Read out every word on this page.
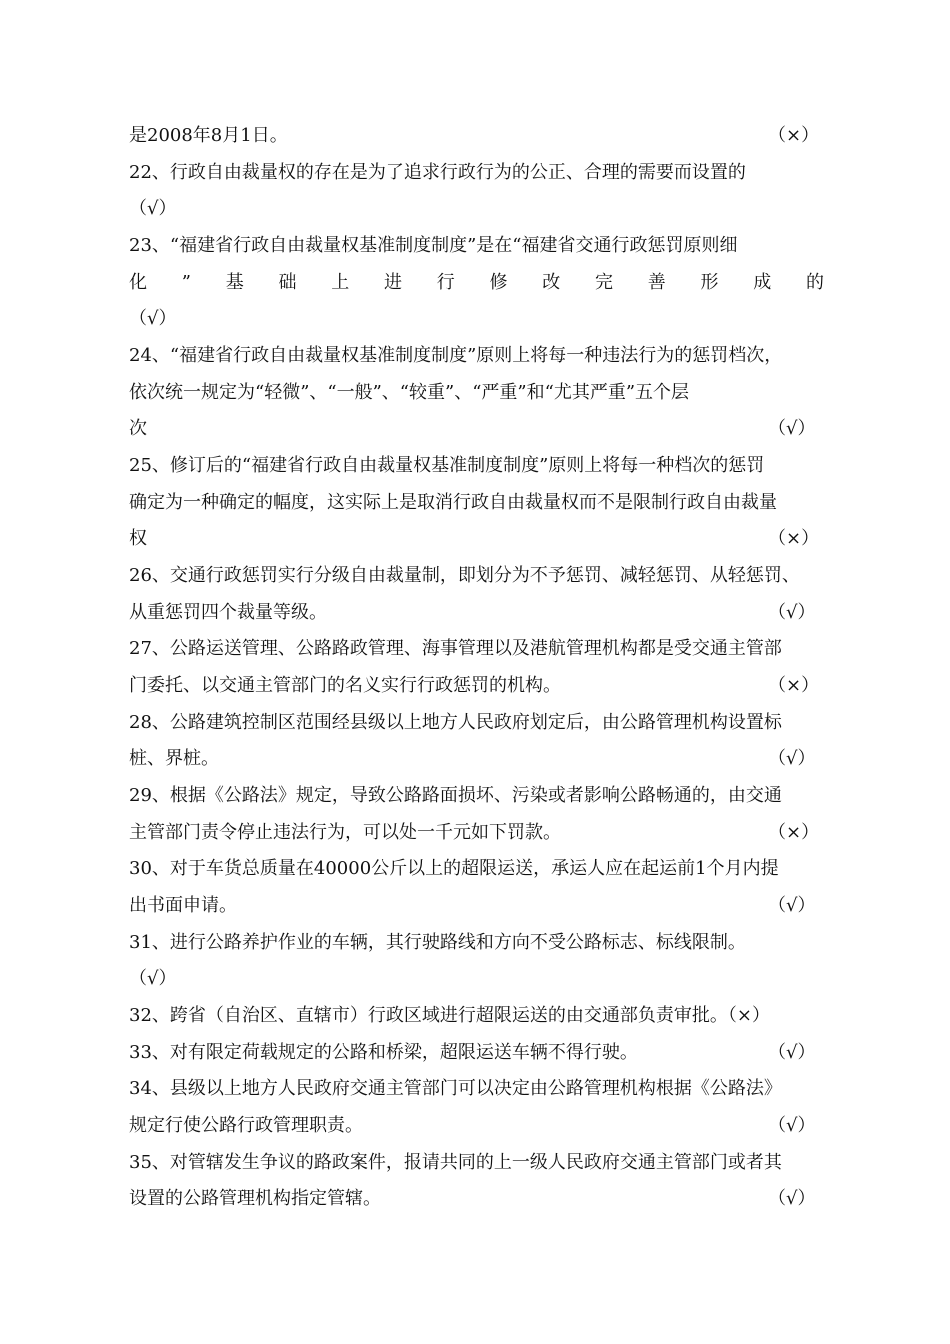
是2008年8月1日。	（×）
22、行政自由裁量权的存在是为了追求行政行为的公正、合理的需要而设置的
（√）
23、“福建省行政自由裁量权基准制度制度”是在“福建省交通行政惩罚原则细
化 ” 基 础 上 进 行 修 改 完 善 形 成 的
（√）
24、“福建省行政自由裁量权基准制度制度”原则上将每一种违法行为的惩罚档次，
依次统一规定为“轻微”、“一般”、“较重”、“严重”和“尤其严重”五个层
次	（√）
25、修订后的“福建省行政自由裁量权基准制度制度”原则上将每一种档次的惩罚
确定为一种确定的幅度，这实际上是取消行政自由裁量权而不是限制行政自由裁量
权	（×）
26、交通行政惩罚实行分级自由裁量制，即划分为不予惩罚、减轻惩罚、从轻惩罚、
从重惩罚四个裁量等级。	（√）
27、公路运送管理、公路路政管理、海事管理以及港航管理机构都是受交通主管部
门委托、以交通主管部门的名义实行行政惩罚的机构。	（×）
28、公路建筑控制区范围经县级以上地方人民政府划定后，由公路管理机构设置标
桩、界桩。	（√）
29、根据《公路法》规定，导致公路路面损坏、污染或者影响公路畅通的，由交通
主管部门责令停止违法行为，可以处一千元如下罚款。	（×）
30、对于车货总质量在40000公斤以上的超限运送，承运人应在起运前1个月内提
出书面申请。	（√）
31、进行公路养护作业的车辆，其行驶路线和方向不受公路标志、标线限制。
（√）
32、跨省（自治区、直辖市）行政区域进行超限运送的由交通部负责审批。（×）
33、对有限定荷载规定的公路和桥梁，超限运送车辆不得行驶。	（√）
34、县级以上地方人民政府交通主管部门可以决定由公路管理机构根据《公路法》
规定行使公路行政管理职责。	（√）
35、对管辖发生争议的路政案件，报请共同的上一级人民政府交通主管部门或者其
设置的公路管理机构指定管辖。	（√）
